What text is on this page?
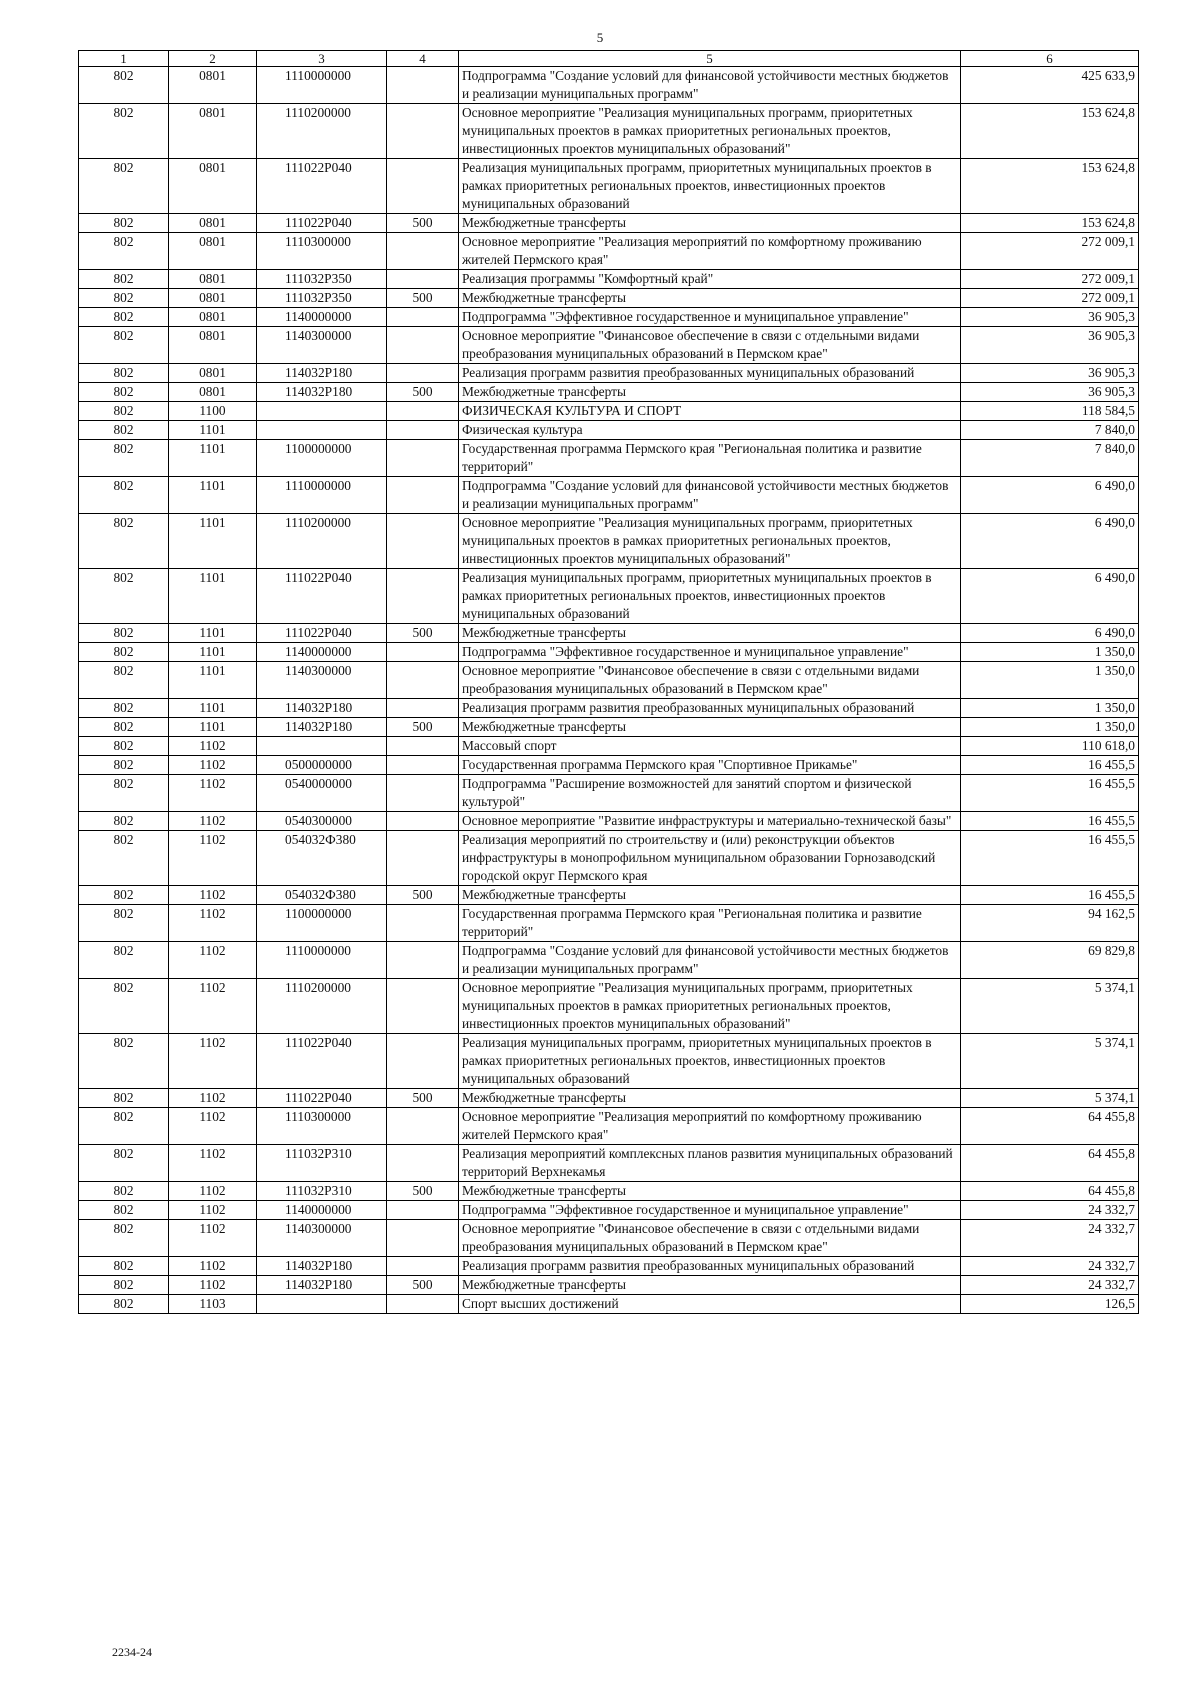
5
1	2	3	4	5	6
802	0801	1110000000		Подпрограмма "Создание условий для финансовой устойчивости местных бюджетов и реализации муниципальных программ"	425 633,9
802	0801	1110200000		Основное мероприятие "Реализация муниципальных программ, приоритетных муниципальных проектов в рамках приоритетных региональных проектов, инвестиционных проектов муниципальных образований"	153 624,8
802	0801	111022P040		Реализация муниципальных программ, приоритетных муниципальных проектов в рамках приоритетных региональных проектов, инвестиционных проектов муниципальных образований	153 624,8
802	0801	111022P040	500	Межбюджетные трансферты	153 624,8
802	0801	1110300000		Основное мероприятие "Реализация мероприятий по комфортному проживанию жителей Пермского края"	272 009,1
802	0801	111032P350		Реализация программы "Комфортный край"	272 009,1
802	0801	111032P350	500	Межбюджетные трансферты	272 009,1
802	0801	1140000000		Подпрограмма "Эффективное государственное и муниципальное управление"	36 905,3
802	0801	1140300000		Основное мероприятие "Финансовое обеспечение в связи с отдельными видами преобразования муниципальных образований в Пермском крае"	36 905,3
802	0801	114032P180		Реализация программ развития преобразованных муниципальных образований	36 905,3
802	0801	114032P180	500	Межбюджетные трансферты	36 905,3
802	1100			ФИЗИЧЕСКАЯ КУЛЬТУРА И СПОРТ	118 584,5
802	1101			Физическая культура	7 840,0
802	1101	1100000000		Государственная программа Пермского края "Региональная политика и развитие территорий"	7 840,0
802	1101	1110000000		Подпрограмма "Создание условий для финансовой устойчивости местных бюджетов и реализации муниципальных программ"	6 490,0
802	1101	1110200000		Основное мероприятие "Реализация муниципальных программ, приоритетных муниципальных проектов в рамках приоритетных региональных проектов, инвестиционных проектов муниципальных образований"	6 490,0
802	1101	111022P040		Реализация муниципальных программ, приоритетных муниципальных проектов в рамках приоритетных региональных проектов, инвестиционных проектов муниципальных образований	6 490,0
802	1101	111022P040	500	Межбюджетные трансферты	6 490,0
802	1101	1140000000		Подпрограмма "Эффективное государственное и муниципальное управление"	1 350,0
802	1101	1140300000		Основное мероприятие "Финансовое обеспечение в связи с отдельными видами преобразования муниципальных образований в Пермском крае"	1 350,0
802	1101	114032P180		Реализация программ развития преобразованных муниципальных образований	1 350,0
802	1101	114032P180	500	Межбюджетные трансферты	1 350,0
802	1102			Массовый спорт	110 618,0
802	1102	0500000000		Государственная программа Пермского края "Спортивное Прикамье"	16 455,5
802	1102	0540000000		Подпрограмма "Расширение возможностей для занятий спортом и физической культурой"	16 455,5
802	1102	0540300000		Основное мероприятие "Развитие инфраструктуры и материально-технической базы"	16 455,5
802	1102	054032Ф380		Реализация мероприятий по строительству и (или) реконструкции объектов инфраструктуры в монопрофильном муниципальном образовании Горнозаводский городской округ Пермского края	16 455,5
802	1102	054032Ф380	500	Межбюджетные трансферты	16 455,5
802	1102	1100000000		Государственная программа Пермского края "Региональная политика и развитие территорий"	94 162,5
802	1102	1110000000		Подпрограмма "Создание условий для финансовой устойчивости местных бюджетов и реализации муниципальных программ"	69 829,8
802	1102	1110200000		Основное мероприятие "Реализация муниципальных программ, приоритетных муниципальных проектов в рамках приоритетных региональных проектов, инвестиционных проектов муниципальных образований"	5 374,1
802	1102	111022P040		Реализация муниципальных программ, приоритетных муниципальных проектов в рамках приоритетных региональных проектов, инвестиционных проектов муниципальных образований	5 374,1
802	1102	111022P040	500	Межбюджетные трансферты	5 374,1
802	1102	1110300000		Основное мероприятие "Реализация мероприятий по комфортному проживанию жителей Пермского края"	64 455,8
802	1102	111032P310		Реализация мероприятий комплексных планов развития муниципальных образований территорий Верхнекамья	64 455,8
802	1102	111032P310	500	Межбюджетные трансферты	64 455,8
802	1102	1140000000		Подпрограмма "Эффективное государственное и муниципальное управление"	24 332,7
802	1102	1140300000		Основное мероприятие "Финансовое обеспечение в связи с отдельными видами преобразования муниципальных образований в Пермском крае"	24 332,7
802	1102	114032P180		Реализация программ развития преобразованных муниципальных образований	24 332,7
802	1102	114032P180	500	Межбюджетные трансферты	24 332,7
802	1103			Спорт высших достижений	126,5
2234-24
